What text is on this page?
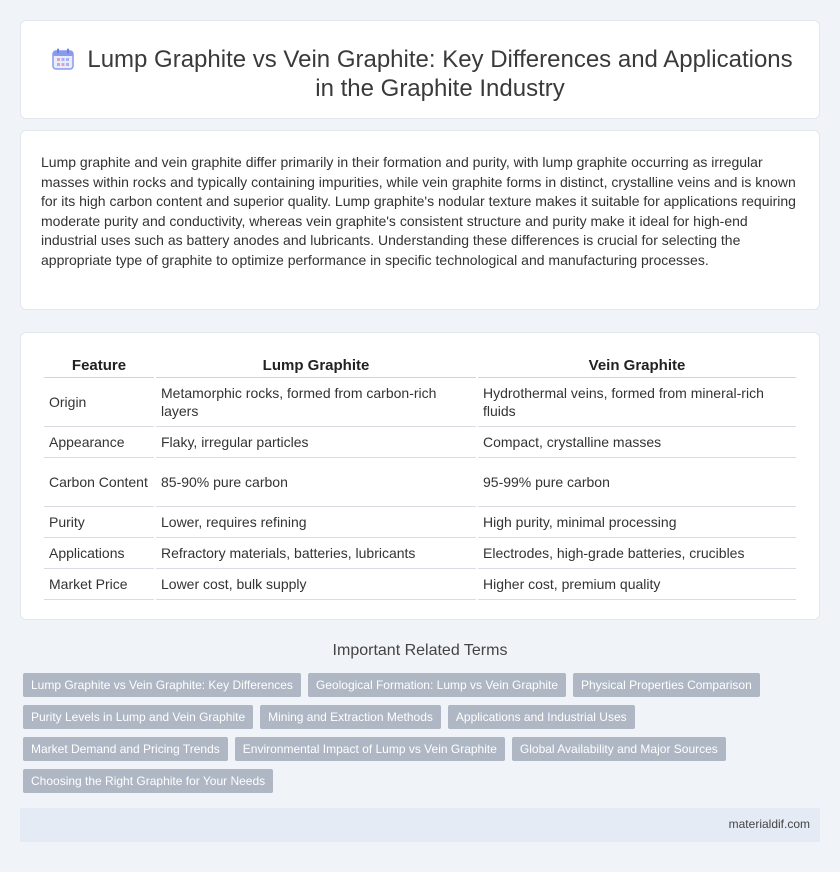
Lump Graphite vs Vein Graphite: Key Differences and Applications in the Graphite Industry

Lump graphite and vein graphite differ primarily in their formation and purity, with lump graphite occurring as irregular masses within rocks and typically containing impurities, while vein graphite forms in distinct, crystalline veins and is known for its high carbon content and superior quality. Lump graphite's nodular texture makes it suitable for applications requiring moderate purity and conductivity, whereas vein graphite's consistent structure and purity make it ideal for high-end industrial uses such as battery anodes and lubricants. Understanding these differences is crucial for selecting the appropriate type of graphite to optimize performance in specific technological and manufacturing processes.

Feature	Lump Graphite	Vein Graphite
Origin	Metamorphic rocks, formed from carbon-rich layers	Hydrothermal veins, formed from mineral-rich fluids
Appearance	Flaky, irregular particles	Compact, crystalline masses
Carbon Content	85-90% pure carbon	95-99% pure carbon
Purity	Lower, requires refining	High purity, minimal processing
Applications	Refractory materials, batteries, lubricants	Electrodes, high-grade batteries, crucibles
Market Price	Lower cost, bulk supply	Higher cost, premium quality
Important Related Terms
Lump Graphite vs Vein Graphite: Key Differences	Geological Formation: Lump vs Vein Graphite	Physical Properties Comparison
Purity Levels in Lump and Vein Graphite	Mining and Extraction Methods	Applications and Industrial Uses
Market Demand and Pricing Trends	Environmental Impact of Lump vs Vein Graphite	Global Availability and Major Sources
Choosing the Right Graphite for Your Needs
materialdif.com
